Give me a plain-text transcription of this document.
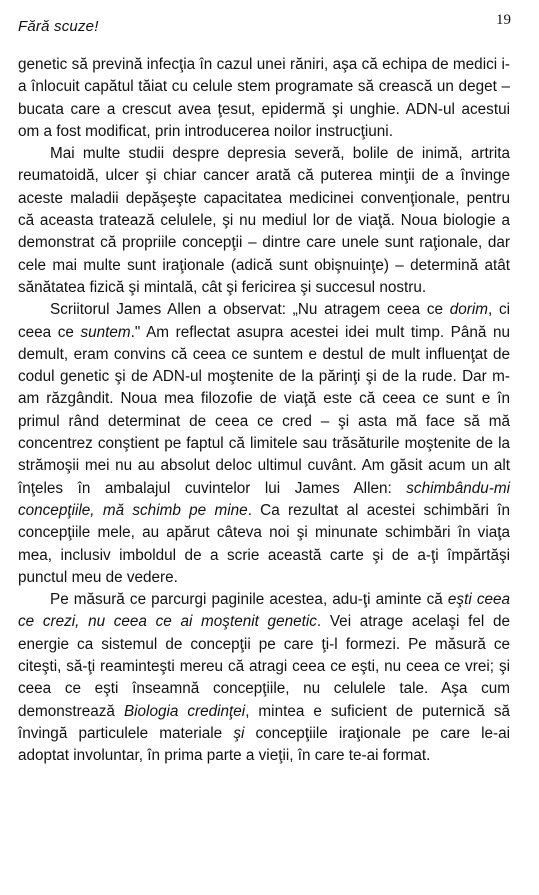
Fără scuze!	19

genetic să prevină infecţia în cazul unei răniri, aşa că echipa de medici i-a înlocuit capătul tăiat cu celule stem programate să crească un deget – bucata care a crescut avea ţesut, epidermă şi unghie. ADN-ul acestui om a fost modificat, prin introducerea noilor instrucţiuni.

Mai multe studii despre depresia severă, bolile de inimă, artrita reumatoidă, ulcer şi chiar cancer arată că puterea minţii de a învinge aceste maladii depăşeşte capacitatea medicinei convenţionale, pentru că aceasta tratează celulele, şi nu mediul lor de viaţă. Noua biologie a demonstrat că propriile concepţii – dintre care unele sunt raţionale, dar cele mai multe sunt iraţionale (adică sunt obişnuinţe) – determină atât sănătatea fizică şi mintală, cât şi fericirea şi succesul nostru.

Scriitorul James Allen a observat: „Nu atragem ceea ce dorim, ci ceea ce suntem." Am reflectat asupra acestei idei mult timp. Până nu demult, eram convins că ceea ce suntem e destul de mult influenţat de codul genetic şi de ADN-ul moştenite de la părinţi şi de la rude. Dar m-am răzgândit. Noua mea filozofie de viaţă este că ceea ce sunt e în primul rând determinat de ceea ce cred – şi asta mă face să mă concentrez conştient pe faptul că limitele sau trăsăturile moştenite de la strămoşii mei nu au absolut deloc ultimul cuvânt. Am găsit acum un alt înţeles în ambalajul cuvintelor lui James Allen: schimbându-mi concepţiile, mă schimb pe mine. Ca rezultat al acestei schimbări în concepţiile mele, au apărut câteva noi şi minunate schimbări în viaţa mea, inclusiv imboldul de a scrie această carte şi de a-ţi împărtăşi punctul meu de vedere.

Pe măsură ce parcurgi paginile acestea, adu-ţi aminte că eşti ceea ce crezi, nu ceea ce ai moştenit genetic. Vei atrage acelaşi fel de energie ca sistemul de concepţii pe care ţi-l formezi. Pe măsură ce citeşti, să-ţi reaminteşti mereu că atragi ceea ce eşti, nu ceea ce vrei; şi ceea ce eşti înseamnă concepţiile, nu celulele tale. Aşa cum demonstrează Biologia credinţei, mintea e suficient de puternică să învingă particulele materiale şi concepţiile iraţionale pe care le-ai adoptat involuntar, în prima parte a vieţii, în care te-ai format.
